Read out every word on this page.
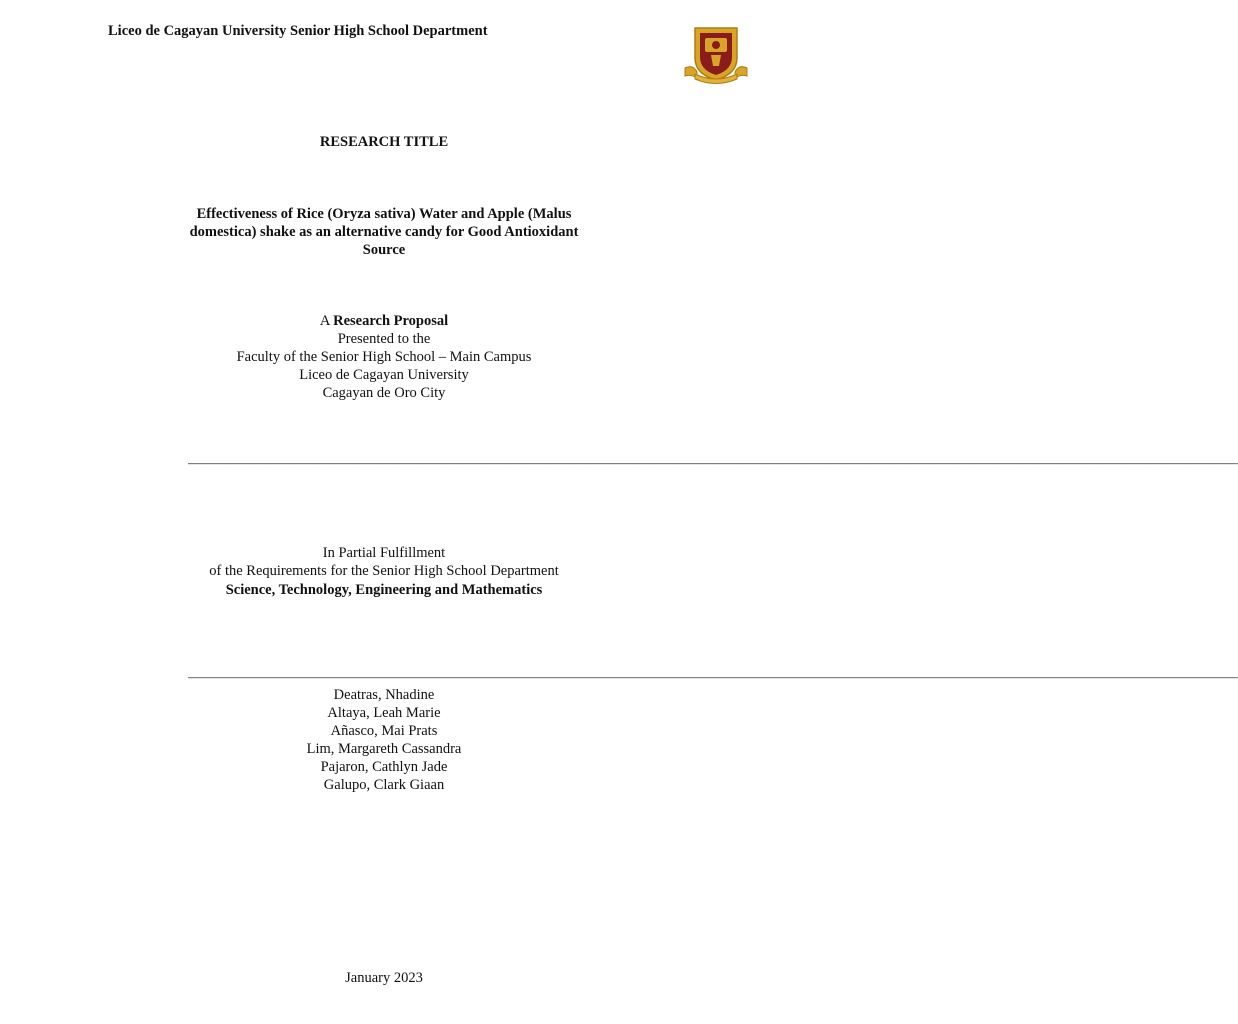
Liceo de Cagayan University Senior High School Department
RESEARCH TITLE
Effectiveness of Rice (Oryza sativa) Water and Apple (Malus
domestica) shake as an alternative candy for Good Antioxidant
Source
A Research Proposal
Presented to the
Faculty of the Senior High School – Main Campus
Liceo de Cagayan University
Cagayan de Oro City
——————————————————————————————————————————————————————————————————————————————————
In Partial Fulfillment
of the Requirements for the Senior High School Department
Science, Technology, Engineering and Mathematics
——————————————————————————————————————————————————————————————————————————————————
Deatras, Nhadine
Altaya, Leah Marie
Añasco, Mai Prats
Lim, Margareth Cassandra
Pajaron, Cathlyn Jade
Galupo, Clark Giaan
January 2023
